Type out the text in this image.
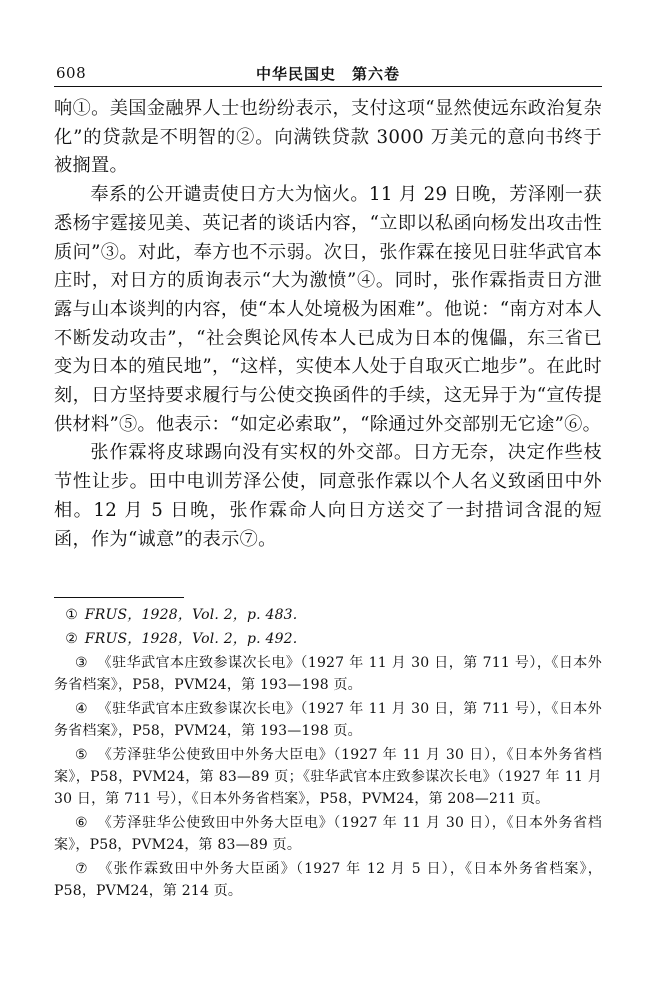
608	中华民国史　第六卷

响①。美国金融界人士也纷纷表示，支付这项“显然使远东政治复杂化”的贷款是不明智的②。向满铁贷款 3000 万美元的意向书终于被搁置。

奉系的公开谴责使日方大为恼火。11 月 29 日晚，芳泽刚一获悉杨宇霆接见美、英记者的谈话内容，“立即以私函向杨发出攻击性质问”③。对此，奉方也不示弱。次日，张作霖在接见日驻华武官本庄时，对日方的质询表示“大为激愤”④。同时，张作霖指责日方泄露与山本谈判的内容，使“本人处境极为困难”。他说：“南方对本人不断发动攻击”，“社会舆论风传本人已成为日本的傀儡，东三省已变为日本的殖民地”，“这样，实使本人处于自取灭亡地步”。在此时刻，日方坚持要求履行与公使交换函件的手续，这无异于为“宣传提供材料”⑤。他表示：“如定必索取”，“除通过外交部别无它途”⑥。

张作霖将皮球踢向没有实权的外交部。日方无奈，决定作些枝节性让步。田中电训芳泽公使，同意张作霖以个人名义致函田中外相。12 月 5 日晚，张作霖命人向日方送交了一封措词含混的短函，作为“诚意”的表示⑦。

① FRUS，1928，Vol. 2，p. 483.
② FRUS，1928，Vol. 2，p. 492.
③ 《驻华武官本庄致参谋次长电》（1927 年 11 月 30 日，第 711 号），《日本外务省档案》，P58，PVM24，第 193—198 页。
④ 《驻华武官本庄致参谋次长电》（1927 年 11 月 30 日，第 711 号），《日本外务省档案》，P58，PVM24，第 193—198 页。
⑤ 《芳泽驻华公使致田中外务大臣电》（1927 年 11 月 30 日），《日本外务省档案》，P58，PVM24，第 83—89 页；《驻华武官本庄致参谋次长电》（1927 年 11 月 30 日，第 711 号），《日本外务省档案》，P58，PVM24，第 208—211 页。
⑥ 《芳泽驻华公使致田中外务大臣电》（1927 年 11 月 30 日），《日本外务省档案》，P58，PVM24，第 83—89 页。
⑦ 《张作霖致田中外务大臣函》（1927 年 12 月 5 日），《日本外务省档案》，P58，PVM24，第 214 页。
